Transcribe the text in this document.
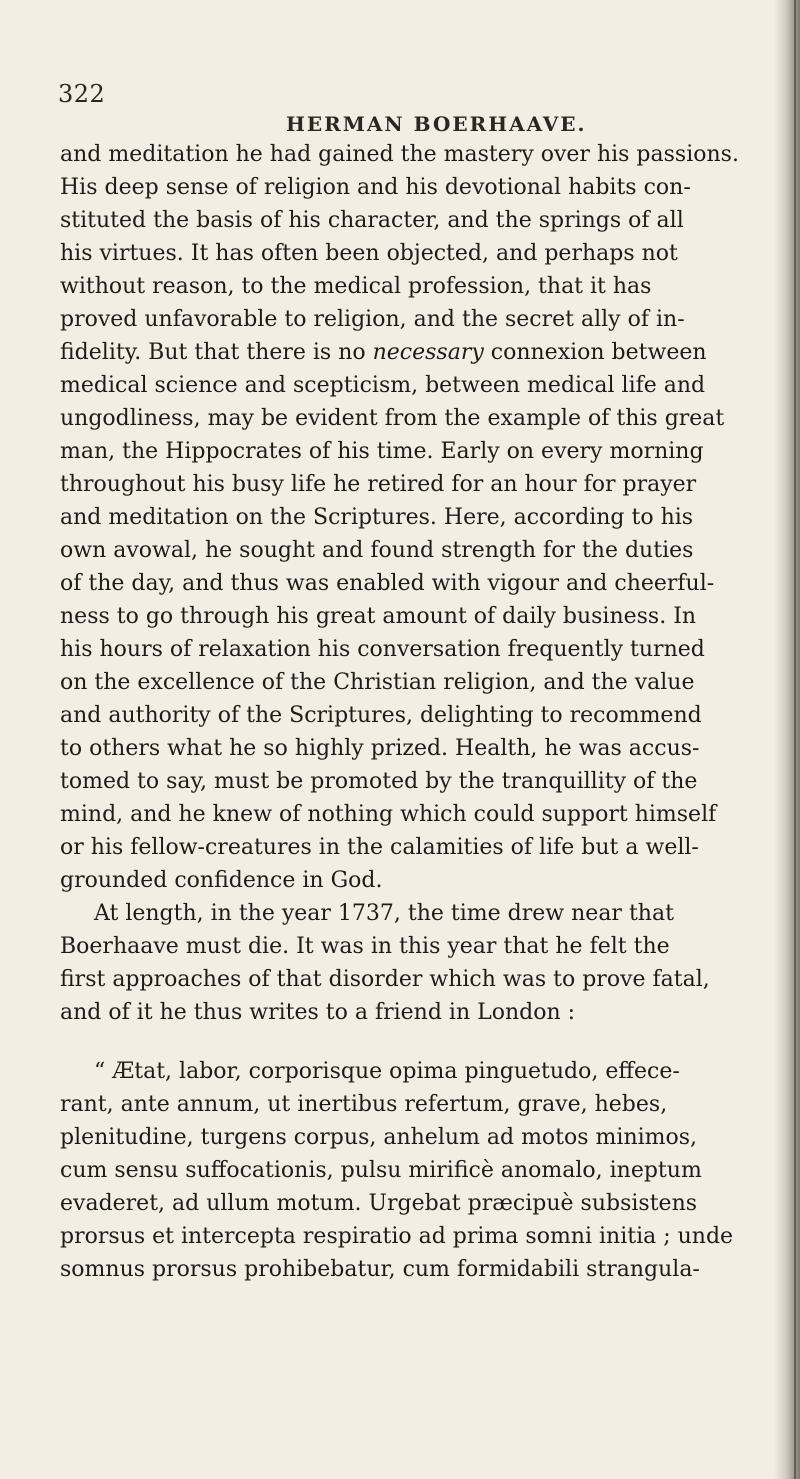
322
HERMAN BOERHAAVE.
and meditation he had gained the mastery over his passions.
His deep sense of religion and his devotional habits con-
stituted the basis of his character, and the springs of all
his virtues. It has often been objected, and perhaps not
without reason, to the medical profession, that it has
proved unfavorable to religion, and the secret ally of in-
fidelity. But that there is no necessary connexion between
medical science and scepticism, between medical life and
ungodliness, may be evident from the example of this great
man, the Hippocrates of his time. Early on every morning
throughout his busy life he retired for an hour for prayer
and meditation on the Scriptures. Here, according to his
own avowal, he sought and found strength for the duties
of the day, and thus was enabled with vigour and cheerful-
ness to go through his great amount of daily business. In
his hours of relaxation his conversation frequently turned
on the excellence of the Christian religion, and the value
and authority of the Scriptures, delighting to recommend
to others what he so highly prized. Health, he was accus-
tomed to say, must be promoted by the tranquillity of the
mind, and he knew of nothing which could support himself
or his fellow-creatures in the calamities of life but a well-
grounded confidence in God.
At length, in the year 1737, the time drew near that
Boerhaave must die. It was in this year that he felt the
first approaches of that disorder which was to prove fatal,
and of it he thus writes to a friend in London :
“ Ætat, labor, corporisque opima pinguetudo, effece-
rant, ante annum, ut inertibus refertum, grave, hebes,
plenitudine, turgens corpus, anhelum ad motos minimos,
cum sensu suffocationis, pulsu mirificè anomalo, ineptum
evaderet, ad ullum motum. Urgebat præcipuè subsistens
prorsus et intercepta respiratio ad prima somni initia ; unde
somnus prorsus prohibebatur, cum formidabili strangula-
